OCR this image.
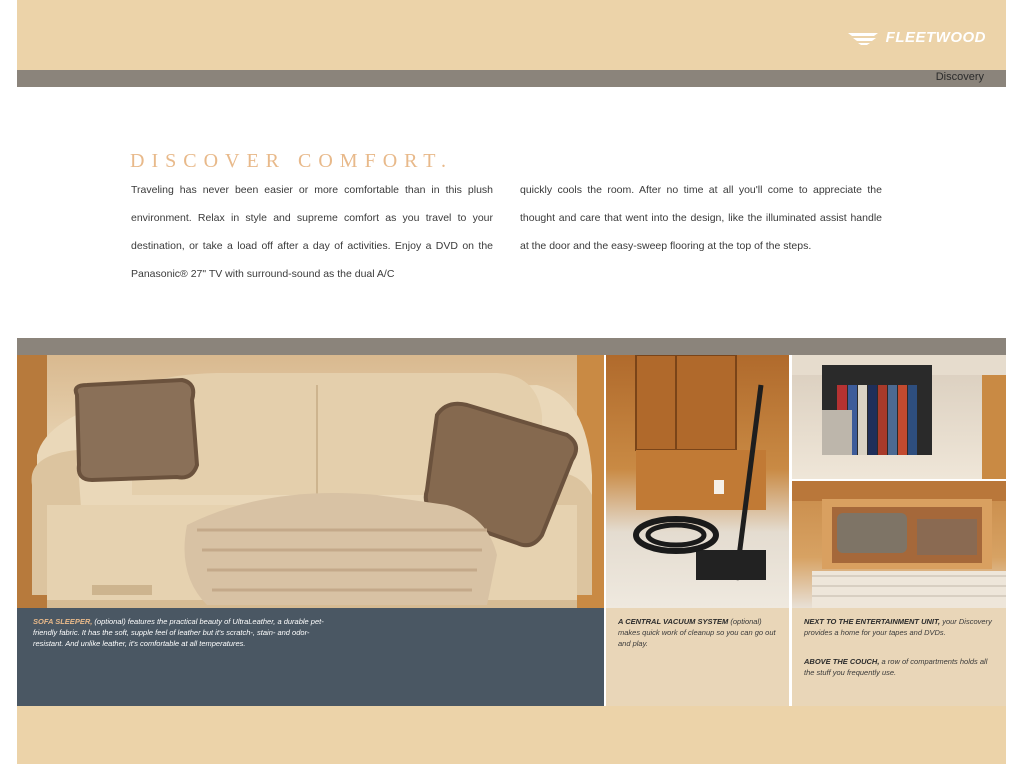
FLEETWOOD
Discovery
DISCOVER COMFORT.
Traveling has never been easier or more comfortable than in this plush environment. Relax in style and supreme comfort as you travel to your destination, or take a load off after a day of activities. Enjoy a DVD on the Panasonic® 27" TV with surround-sound as the dual A/C
quickly cools the room. After no time at all you'll come to appreciate the thought and care that went into the design, like the illuminated assist handle at the door and the easy-sweep flooring at the top of the steps.
SOFA SLEEPER, (optional) features the practical beauty of UltraLeather, a durable pet-friendly fabric. It has the soft, supple feel of leather but it's scratch-, stain- and odor-resistant. And unlike leather, it's comfortable at all temperatures.
A CENTRAL VACUUM SYSTEM (optional) makes quick work of cleanup so you can go out and play.
NEXT TO THE ENTERTAINMENT UNIT, your Discovery provides a home for your tapes and DVDs.
ABOVE THE COUCH, a row of compartments holds all the stuff you frequently use.
